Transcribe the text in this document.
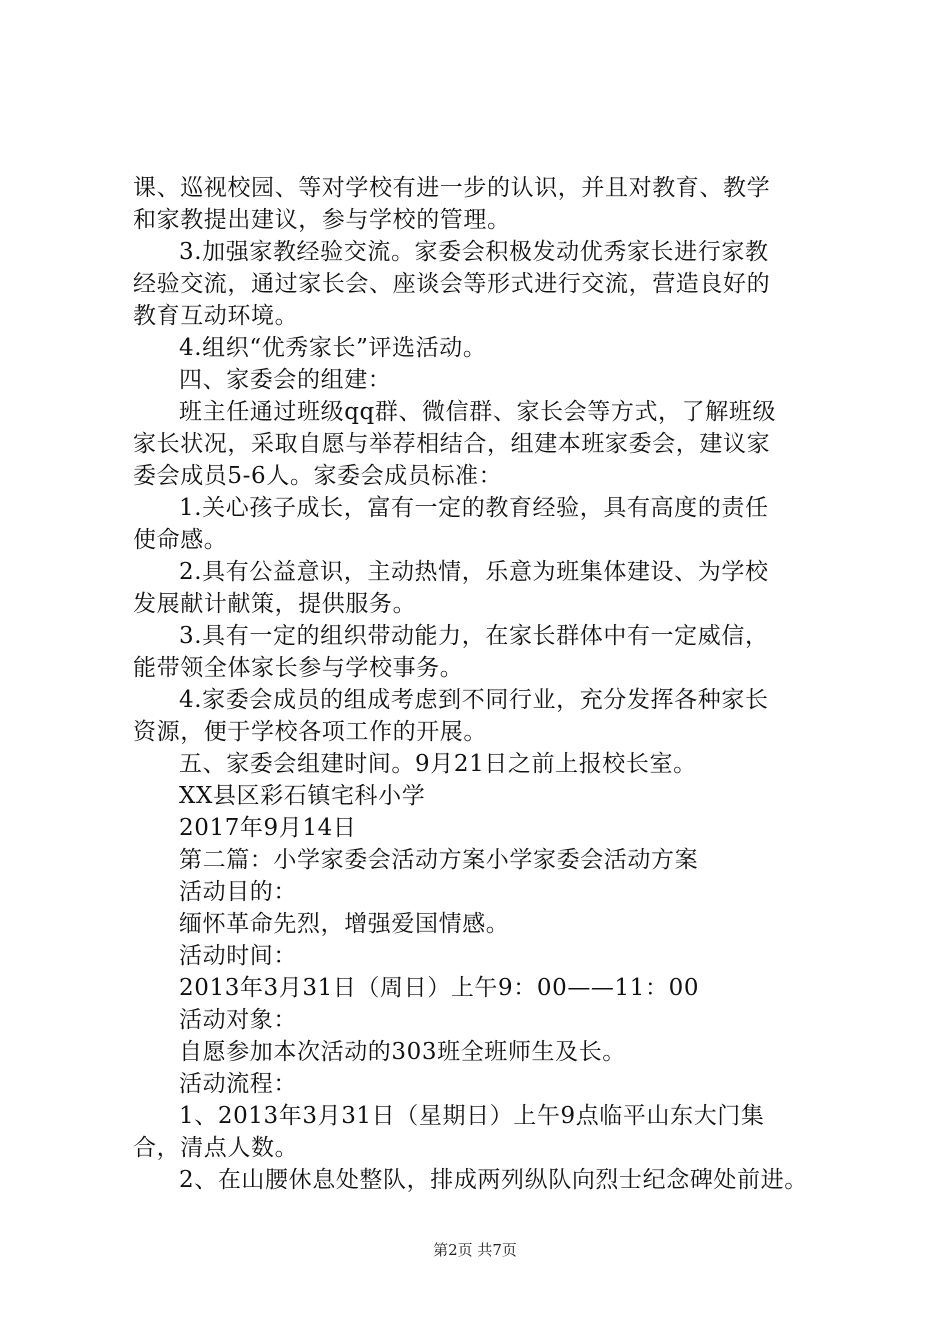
课、巡视校园、等对学校有进一步的认识，并且对教育、教学
和家教提出建议，参与学校的管理。
3.加强家教经验交流。家委会积极发动优秀家长进行家教
经验交流，通过家长会、座谈会等形式进行交流，营造良好的
教育互动环境。
4.组织“优秀家长”评选活动。
四、家委会的组建：
班主任通过班级qq群、微信群、家长会等方式，了解班级
家长状况，采取自愿与举荐相结合，组建本班家委会，建议家
委会成员5-6人。家委会成员标准：
1.关心孩子成长，富有一定的教育经验，具有高度的责任
使命感。
2.具有公益意识，主动热情，乐意为班集体建设、为学校
发展献计献策，提供服务。
3.具有一定的组织带动能力，在家长群体中有一定威信，
能带领全体家长参与学校事务。
4.家委会成员的组成考虑到不同行业，充分发挥各种家长
资源，便于学校各项工作的开展。
五、家委会组建时间。9月21日之前上报校长室。
XX县区彩石镇宅科小学
2017年9月14日
第二篇：小学家委会活动方案小学家委会活动方案
活动目的：
缅怀革命先烈，增强爱国情感。
活动时间：
2013年3月31日（周日）上午9：00——11：00
活动对象：
自愿参加本次活动的303班全班师生及长。
活动流程：
1、2013年3月31日（星期日）上午9点临平山东大门集
合，清点人数。
2、在山腰休息处整队，排成两列纵队向烈士纪念碑处前进。
第2页 共7页
